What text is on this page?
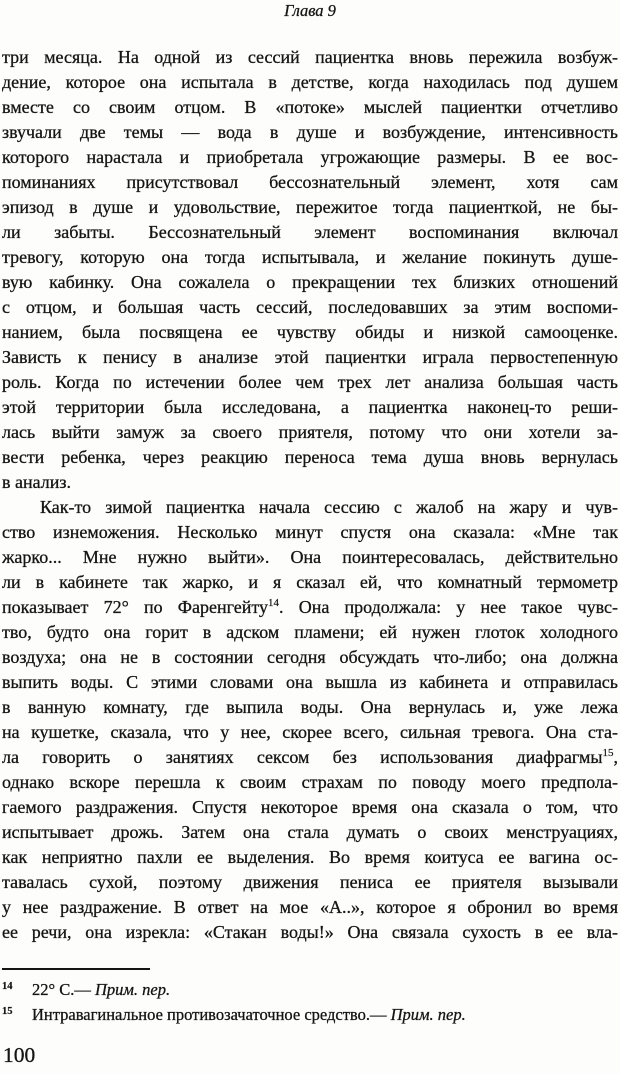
Глава 9
три месяца. На одной из сессий пациентка вновь пережила возбуж-
дение, которое она испытала в детстве, когда находилась под душем
вместе со своим отцом. В «потоке» мыслей пациентки отчетливо
звучали две темы — вода в душе и возбуждение, интенсивность
которого нарастала и приобретала угрожающие размеры. В ее вос-
поминаниях присутствовал бессознательный элемент, хотя сам
эпизод в душе и удовольствие, пережитое тогда пациенткой, не бы-
ли забыты. Бессознательный элемент воспоминания включал
тревогу, которую она тогда испытывала, и желание покинуть душе-
вую кабинку. Она сожалела о прекращении тех близких отношений
с отцом, и большая часть сессий, последовавших за этим воспоми-
нанием, была посвящена ее чувству обиды и низкой самооценке.
Зависть к пенису в анализе этой пациентки играла первостепенную
роль. Когда по истечении более чем трех лет анализа большая часть
этой территории была исследована, а пациентка наконец-то реши-
лась выйти замуж за своего приятеля, потому что они хотели за-
вести ребенка, через реакцию переноса тема душа вновь вернулась
в анализ.
Как-то зимой пациентка начала сессию с жалоб на жару и чув-
ство изнеможения. Несколько минут спустя она сказала: «Мне так
жарко... Мне нужно выйти». Она поинтересовалась, действительно
ли в кабинете так жарко, и я сказал ей, что комнатный термометр
показывает 72° по Фаренгейту$^{14}$. Она продолжала: у нее такое чувс-
тво, будто она горит в адском пламени; ей нужен глоток холодного
воздуха; она не в состоянии сегодня обсуждать что-либо; она должна
выпить воды. С этими словами она вышла из кабинета и отправилась
в ванную комнату, где выпила воды. Она вернулась и, уже лежа
на кушетке, сказала, что у нее, скорее всего, сильная тревога. Она ста-
ла говорить о занятиях сексом без использования диафрагмы$^{15}$,
однако вскоре перешла к своим страхам по поводу моего предпола-
гаемого раздражения. Спустя некоторое время она сказала о том, что
испытывает дрожь. Затем она стала думать о своих менструациях,
как неприятно пахли ее выделения. Во время коитуса ее вагина ос-
тавалась сухой, поэтому движения пениса ее приятеля вызывали
у нее раздражение. В ответ на мое «А..», которое я обронил во время
ее речи, она изрекла: «Стакан воды!» Она связала сухость в ее вла-
14 22° C.— Прим. пер.
15 Интравагинальное противозачаточное средство.— Прим. пер.
100
